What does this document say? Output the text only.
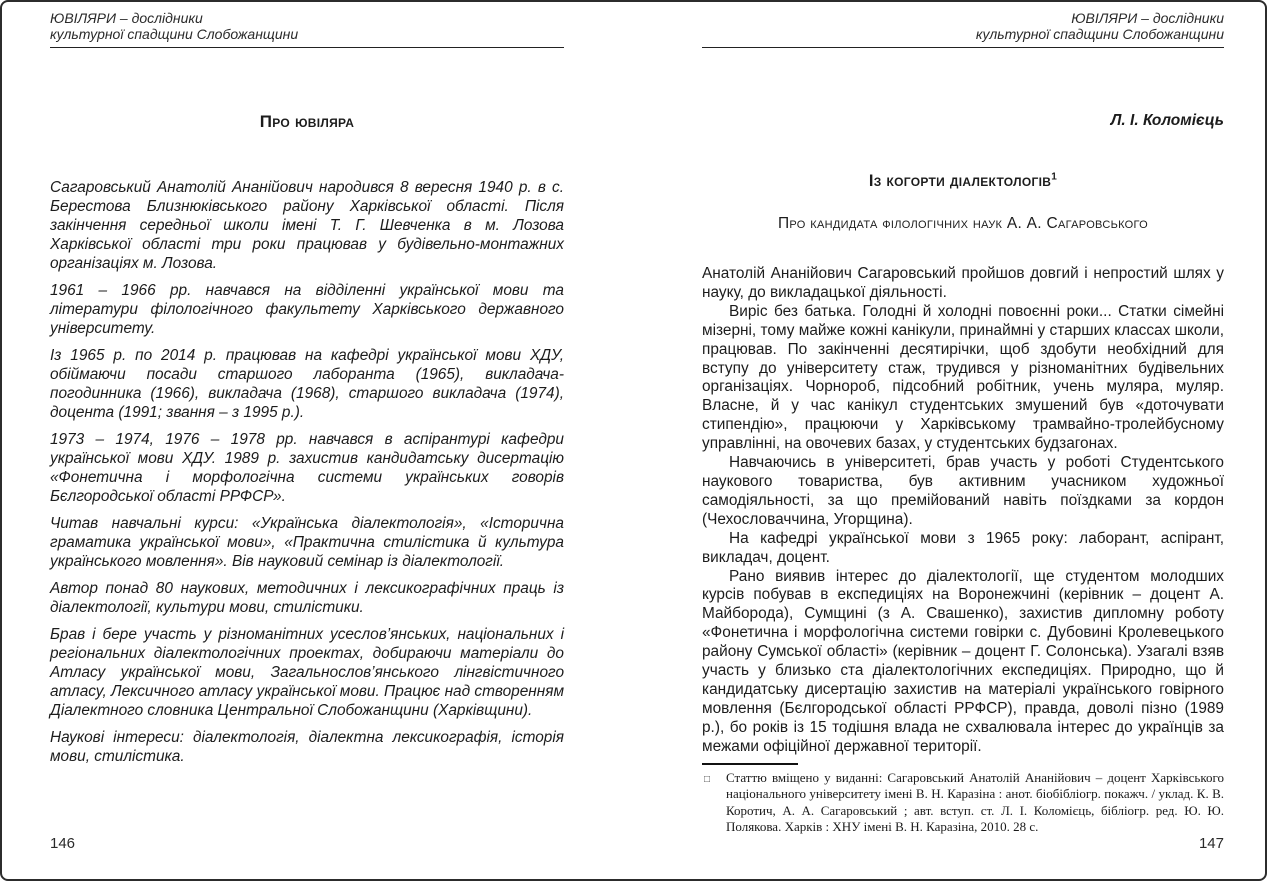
ЮВІЛЯРИ – дослідники
культурної спадщини Слобожанщини
Про ювіляра

Сагаровський Анатолій Ананійович народився 8 вересня 1940 р. в с. Берестова Близнюківського району Харківської області. Після закінчення середньої школи імені Т. Г. Шевченка в м. Лозова Харківської області три роки працював у будівельно-монтажних організаціях м. Лозова.

1961 – 1966 рр. навчався на відділенні української мови та літератури філологічного факультету Харківського державного університету.

Із 1965 р. по 2014 р. працював на кафедрі української мови ХДУ, обіймаючи посади старшого лаборанта (1965), викладача-погодинника (1966), викладача (1968), старшого викладача (1974), доцента (1991; звання – з 1995 р.).

1973 – 1974, 1976 – 1978 рр. навчався в аспірантурі кафедри української мови ХДУ. 1989 р. захистив кандидатську дисертацію «Фонетична і морфологічна системи українських говорів Бєлгородської області РРФСР».

Читав навчальні курси: «Українська діалектологія», «Історична граматика української мови», «Практична стилістика й культура українського мовлення». Вів науковий семінар із діалектології.

Автор понад 80 наукових, методичних і лексикографічних праць із діалектології, культури мови, стилістики.

Брав і бере участь у різноманітних усеслов’янських, національних і регіональних діалектологічних проектах, добираючи матеріали до Атласу української мови, Загальнослов’янського лінгвістичного атласу, Лексичного атласу української мови. Працює над створенням Діалектного словника Центральної Слобожанщини (Харківщини).

Наукові інтереси: діалектологія, діалектна лексикографія, історія мови, стилістика.

146
ЮВІЛЯРИ – дослідники
культурної спадщини Слобожанщини
Л. І. Коломієць
Із когорти діалектологів$^1$
Про кандидата філологічних наук А. А. Сагаровського

Анатолій Ананійович Сагаровський пройшов довгий і непростий шлях у науку, до викладацької діяльності.

Виріс без батька. Голодні й холодні повоєнні роки... Статки сімейні мізерні, тому майже кожні канікули, принаймні у старших классах школи, працював. По закінченні десятирічки, щоб здобути необхідний для вступу до університету стаж, трудився у різноманітних будівельних організаціях. Чорнороб, підсобний робітник, учень муляра, муляр. Власне, й у час канікул студентських змушений був «доточувати стипендію», працюючи у Харківському трамвайно-тролейбусному управлінні, на овочевих базах, у студентських будзагонах.

Навчаючись в університеті, брав участь у роботі Студентського наукового товариства, був активним учасником художньої самодіяльності, за що премійований навіть поїздками за кордон (Чехословаччина, Угорщина).

На кафедрі української мови з 1965 року: лаборант, аспірант, викладач, доцент.

Рано виявив інтерес до діалектології, ще студентом молодших курсів побував в експедиціях на Воронежчині (керівник – доцент А. Майборода), Сумщині (з А. Свашенко), захистив дипломну роботу «Фонетична і морфологічна системи говірки с. Дубовині Кролевецького району Сумської області» (керівник – доцент Г. Солонська). Узагалі взяв участь у близько ста діалектологічних експедиціях. Природно, що й кандидатську дисертацію захистив на матеріалі українського говірного мовлення (Бєлгородської області РРФСР), правда, доволі пізно (1989 р.), бо років із 15 тодішня влада не схвалювала інтерес до українців за межами офіційної державної території.

□ Статтю вміщено у виданні: Сагаровський Анатолій Ананійович – доцент Харківського національного університету імені В. Н. Каразіна : анот. біобібліогр. покажч. / уклад. К. В. Коротич, А. А. Сагаровський ; авт. вступ. ст. Л. І. Коломієць, бібліогр. ред. Ю. Ю. Полякова. Харків : ХНУ імені В. Н. Каразіна, 2010. 28 с.
147
